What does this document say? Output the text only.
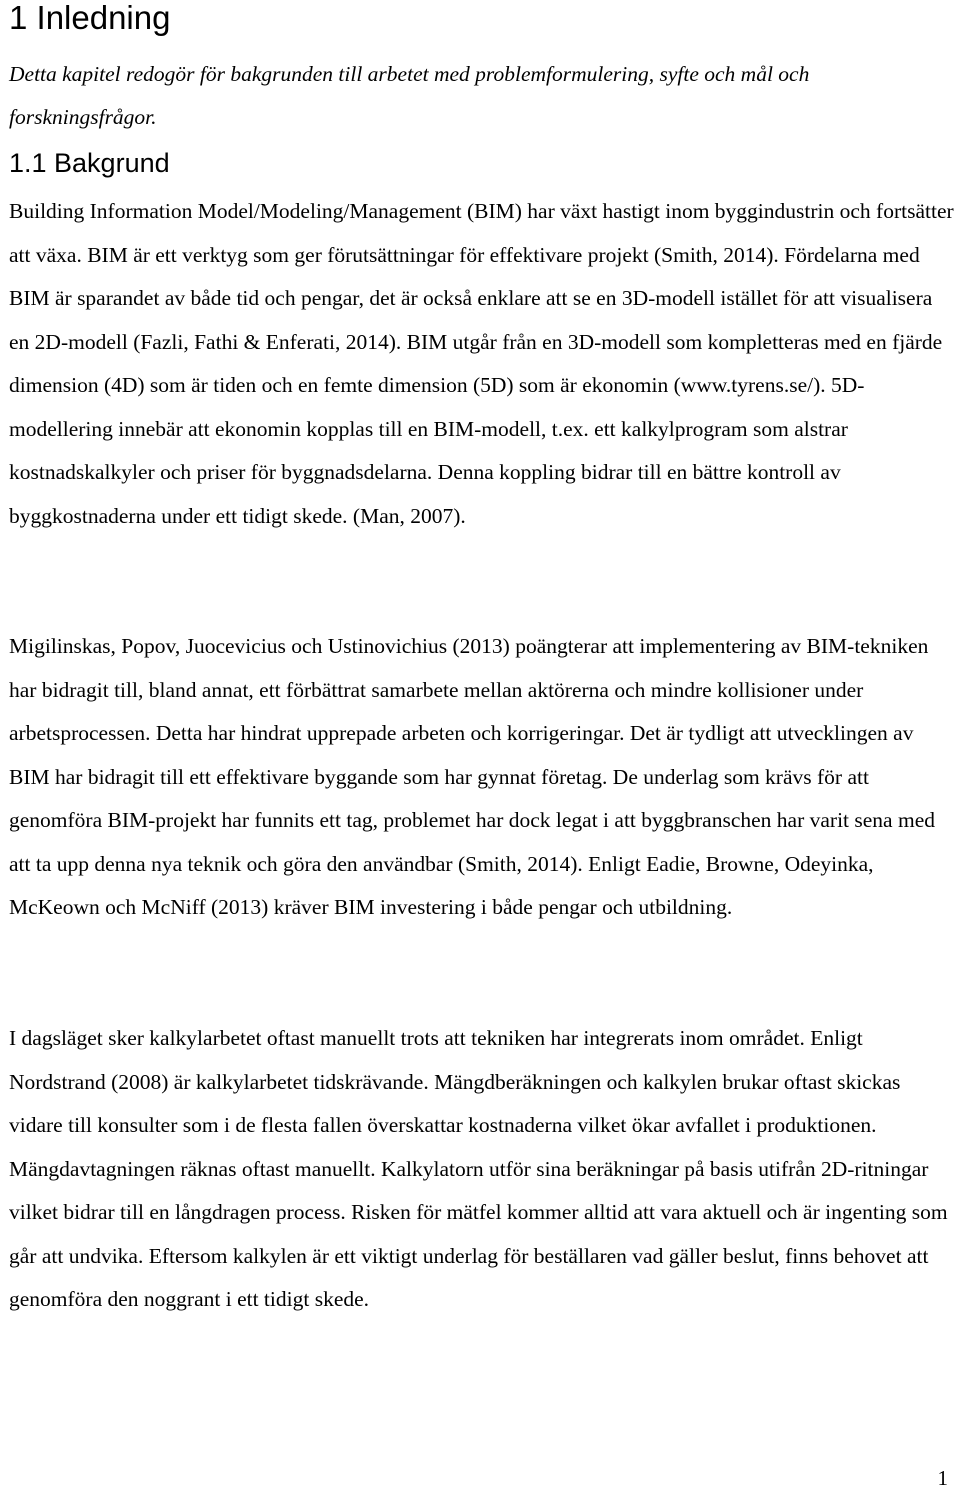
1 Inledning

Detta kapitel redogör för bakgrunden till arbetet med problemformulering, syfte och mål och forskningsfrågor.

1.1 Bakgrund

Building Information Model/Modeling/Management (BIM) har växt hastigt inom byggindustrin och fortsätter att växa. BIM är ett verktyg som ger förutsättningar för effektivare projekt (Smith, 2014). Fördelarna med BIM är sparandet av både tid och pengar, det är också enklare att se en 3D-modell istället för att visualisera en 2D-modell (Fazli, Fathi & Enferati, 2014). BIM utgår från en 3D-modell som kompletteras med en fjärde dimension (4D) som är tiden och en femte dimension (5D) som är ekonomin (www.tyrens.se/). 5D-modellering innebär att ekonomin kopplas till en BIM-modell, t.ex. ett kalkylprogram som alstrar kostnadskalkyler och priser för byggnadsdelarna. Denna koppling bidrar till en bättre kontroll av byggkostnaderna under ett tidigt skede. (Man, 2007).

Migilinskas, Popov, Juocevicius och Ustinovichius (2013) poängterar att implementering av BIM-tekniken har bidragit till, bland annat, ett förbättrat samarbete mellan aktörerna och mindre kollisioner under arbetsprocessen. Detta har hindrat upprepade arbeten och korrigeringar. Det är tydligt att utvecklingen av BIM har bidragit till ett effektivare byggande som har gynnat företag. De underlag som krävs för att genomföra BIM-projekt har funnits ett tag, problemet har dock legat i att byggbranschen har varit sena med att ta upp denna nya teknik och göra den användbar (Smith, 2014). Enligt Eadie, Browne, Odeyinka, McKeown och McNiff (2013) kräver BIM investering i både pengar och utbildning.

I dagsläget sker kalkylarbetet oftast manuellt trots att tekniken har integrerats inom området. Enligt Nordstrand (2008) är kalkylarbetet tidskrävande. Mängdberäkningen och kalkylen brukar oftast skickas vidare till konsulter som i de flesta fallen överskattar kostnaderna vilket ökar avfallet i produktionen. Mängdavtagningen räknas oftast manuellt. Kalkylatorn utför sina beräkningar på basis utifrån 2D-ritningar vilket bidrar till en långdragen process. Risken för mätfel kommer alltid att vara aktuell och är ingenting som går att undvika. Eftersom kalkylen är ett viktigt underlag för beställaren vad gäller beslut, finns behovet att genomföra den noggrant i ett tidigt skede.

1
